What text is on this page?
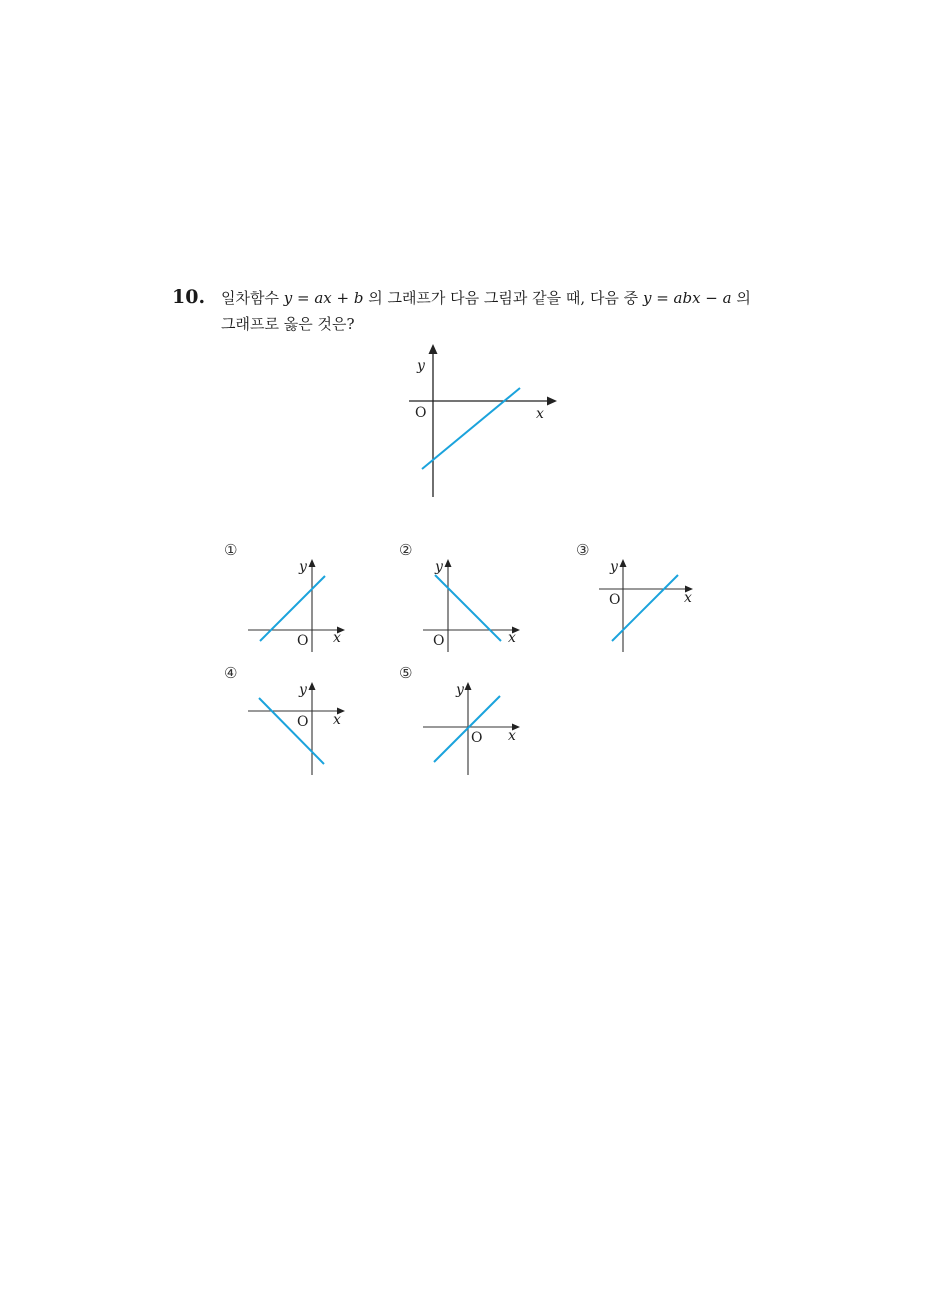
10. 일차함수 y = ax + b 의 그래프가 다음 그림과 같을 때, 다음 중 y = abx − a 의
그래프로 옳은 것은?
y
O	x
①
y
O x
②
y
O	x
③
y
O	x
④
y
O x
⑤
y
O x
